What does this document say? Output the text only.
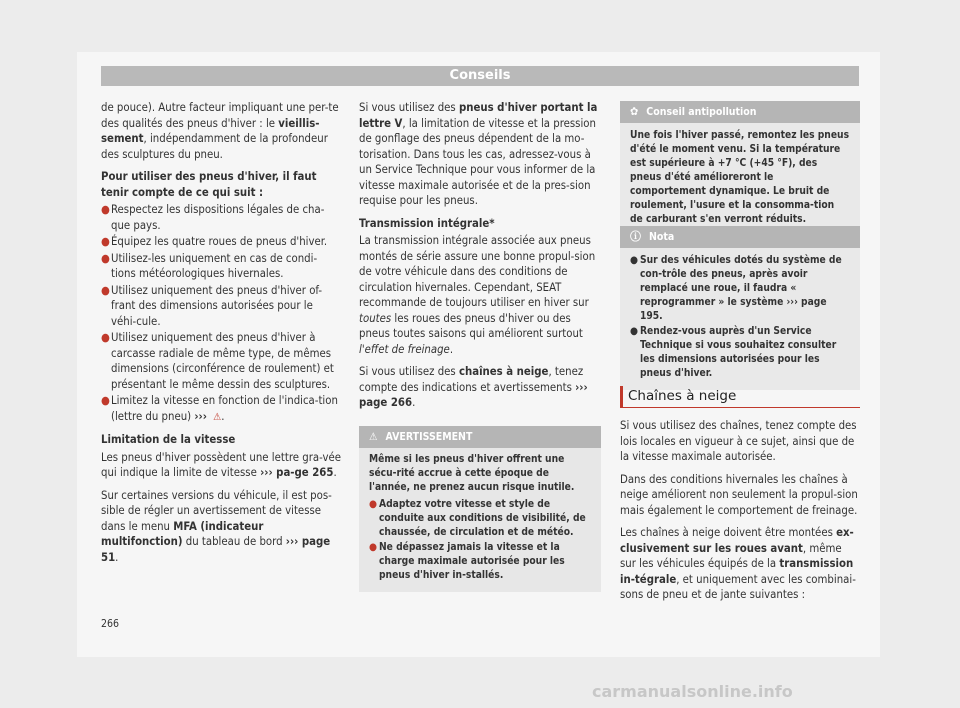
Conseils

de pouce). Autre facteur impliquant une per-te des qualités des pneus d'hiver : le vieillis-sement, indépendamment de la profondeur des sculptures du pneu.

Pour utiliser des pneus d'hiver, il faut tenir compte de ce qui suit :

● Respectez les dispositions légales de cha-que pays.
● Équipez les quatre roues de pneus d'hiver.
● Utilisez-les uniquement en cas de condi-tions météorologiques hivernales.
● Utilisez uniquement des pneus d'hiver of-frant des dimensions autorisées pour le véhi-cule.
● Utilisez uniquement des pneus d'hiver à carcasse radiale de même type, de mêmes dimensions (circonférence de roulement) et présentant le même dessin des sculptures.
● Limitez la vitesse en fonction de l'indica-tion (lettre du pneu) ››› ⚠.

Limitation de la vitesse

Les pneus d'hiver possèdent une lettre gra-vée qui indique la limite de vitesse ››› pa-ge 265.

Sur certaines versions du véhicule, il est pos-sible de régler un avertissement de vitesse dans le menu MFA (indicateur multifonction) du tableau de bord ››› page 51.

Si vous utilisez des pneus d'hiver portant la lettre V, la limitation de vitesse et la pression de gonflage des pneus dépendent de la mo-torisation. Dans tous les cas, adressez-vous à un Service Technique pour vous informer de la vitesse maximale autorisée et de la pres-sion requise pour les pneus.

Transmission intégrale*

La transmission intégrale associée aux pneus montés de série assure une bonne propul-sion de votre véhicule dans des conditions de circulation hivernales. Cependant, SEAT recommande de toujours utiliser en hiver sur toutes les roues des pneus d'hiver ou des pneus toutes saisons qui améliorent surtout l'effet de freinage.

Si vous utilisez des chaînes à neige, tenez compte des indications et avertissements ››› page 266.

⚠ AVERTISSEMENT

Même si les pneus d'hiver offrent une sécu-rité accrue à cette époque de l'année, ne prenez aucun risque inutile.

● Adaptez votre vitesse et style de conduite aux conditions de visibilité, de chaussée, de circulation et de météo.
● Ne dépassez jamais la vitesse et la charge maximale autorisée pour les pneus d'hiver in-stallés.
✿ Conseil antipollution

Une fois l'hiver passé, remontez les pneus d'été le moment venu. Si la température est supérieure à +7 °C (+45 °F), des pneus d'été amélioreront le comportement dynamique. Le bruit de roulement, l'usure et la consomma-tion de carburant s'en verront réduits.

ⓘ Nota
● Sur des véhicules dotés du système de con-trôle des pneus, après avoir remplacé une roue, il faudra « reprogrammer » le système ››› page 195.
● Rendez-vous auprès d'un Service Technique si vous souhaitez consulter les dimensions autorisées pour les pneus d'hiver.
Chaînes à neige

Si vous utilisez des chaînes, tenez compte des lois locales en vigueur à ce sujet, ainsi que de la vitesse maximale autorisée.

Dans des conditions hivernales les chaînes à neige améliorent non seulement la propul-sion mais également le comportement de freinage.

Les chaînes à neige doivent être montées ex-clusivement sur les roues avant, même sur les véhicules équipés de la transmission in-tégrale, et uniquement avec les combinai-sons de pneu et de jante suivantes :

266
carmanualsonline.info
